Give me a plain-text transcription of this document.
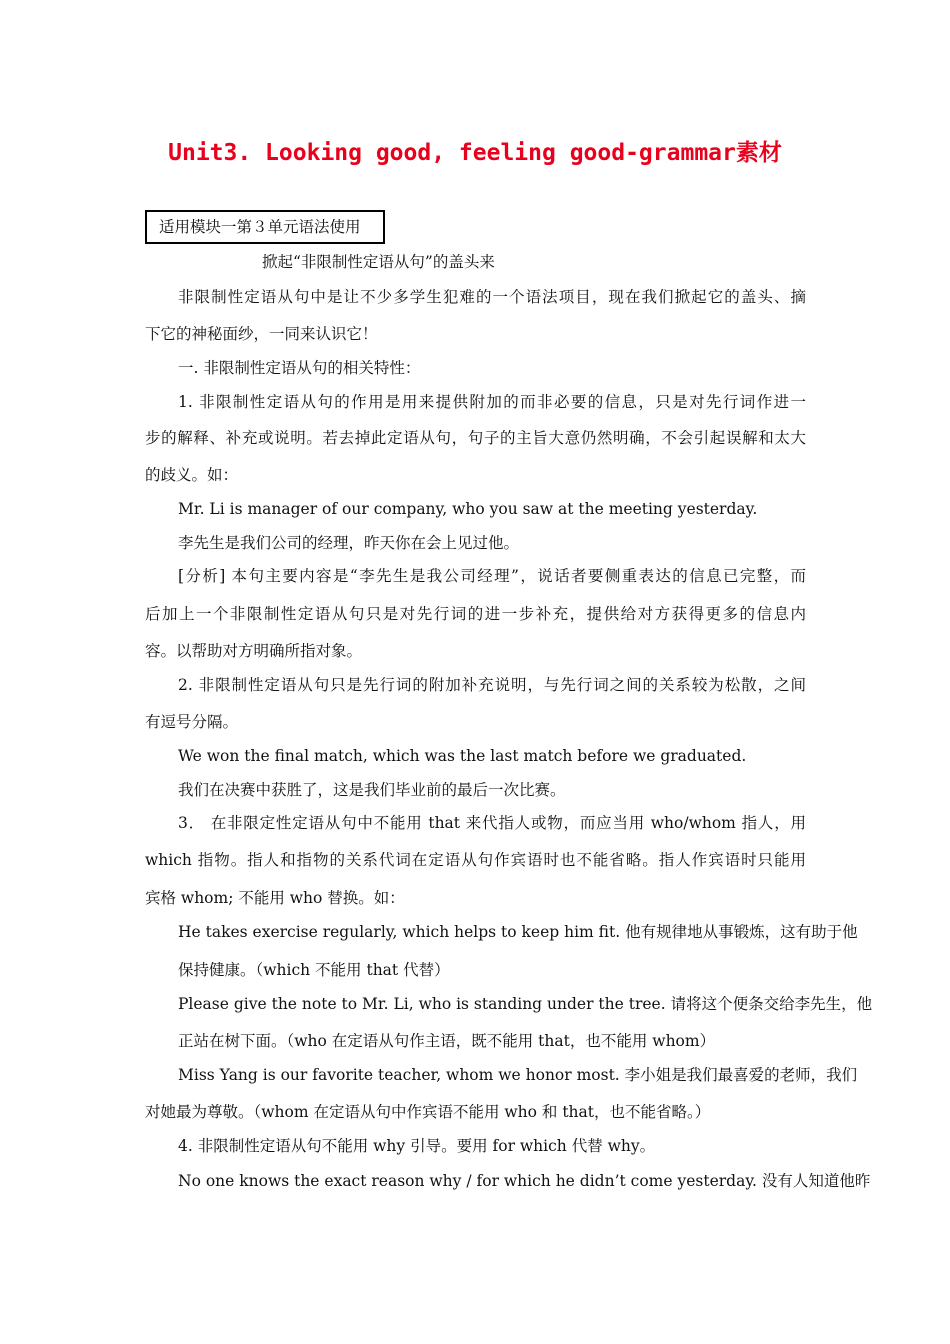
Unit3. Looking good, feeling good-grammar素材
适用模块一第３单元语法使用
掀起“非限制性定语从句”的盖头来
非限制性定语从句中是让不少多学生犯难的一个语法项目，现在我们掀起它的盖头、摘
下它的神秘面纱，一同来认识它！
一. 非限制性定语从句的相关特性：
1. 非限制性定语从句的作用是用来提供附加的而非必要的信息，只是对先行词作进一
步的解释、补充或说明。若去掉此定语从句，句子的主旨大意仍然明确，不会引起误解和太大
的歧义。如：
Mr. Li is manager of our company, who you saw at the meeting yesterday.
李先生是我们公司的经理，昨天你在会上见过他。
[分析] 本句主要内容是“李先生是我公司经理”，说话者要侧重表达的信息已完整，而
后加上一个非限制性定语从句只是对先行词的进一步补充，提供给对方获得更多的信息内
容。以帮助对方明确所指对象。
2. 非限制性定语从句只是先行词的附加补充说明，与先行词之间的关系较为松散，之间
有逗号分隔。
We won the final match, which was the last match before we graduated.
我们在决赛中获胜了，这是我们毕业前的最后一次比赛。
3． 在非限定性定语从句中不能用 that 来代指人或物，而应当用 who/whom 指人，用
which 指物。指人和指物的关系代词在定语从句作宾语时也不能省略。指人作宾语时只能用
宾格 whom; 不能用 who 替换。如：
He takes exercise regularly, which helps to keep him fit. 他有规律地从事锻炼，这有助于他
保持健康。（which 不能用 that 代替）
Please give the note to Mr. Li, who is standing under the tree. 请将这个便条交给李先生，他
正站在树下面。（who 在定语从句作主语，既不能用 that，也不能用 whom）
Miss Yang is our favorite teacher, whom we honor most. 李小姐是我们最喜爱的老师，我们
对她最为尊敬。（whom 在定语从句中作宾语不能用 who 和 that，也不能省略。）
4. 非限制性定语从句不能用 why 引导。要用 for which 代替 why。
No one knows the exact reason why / for which he didn’t come yesterday. 没有人知道他昨
